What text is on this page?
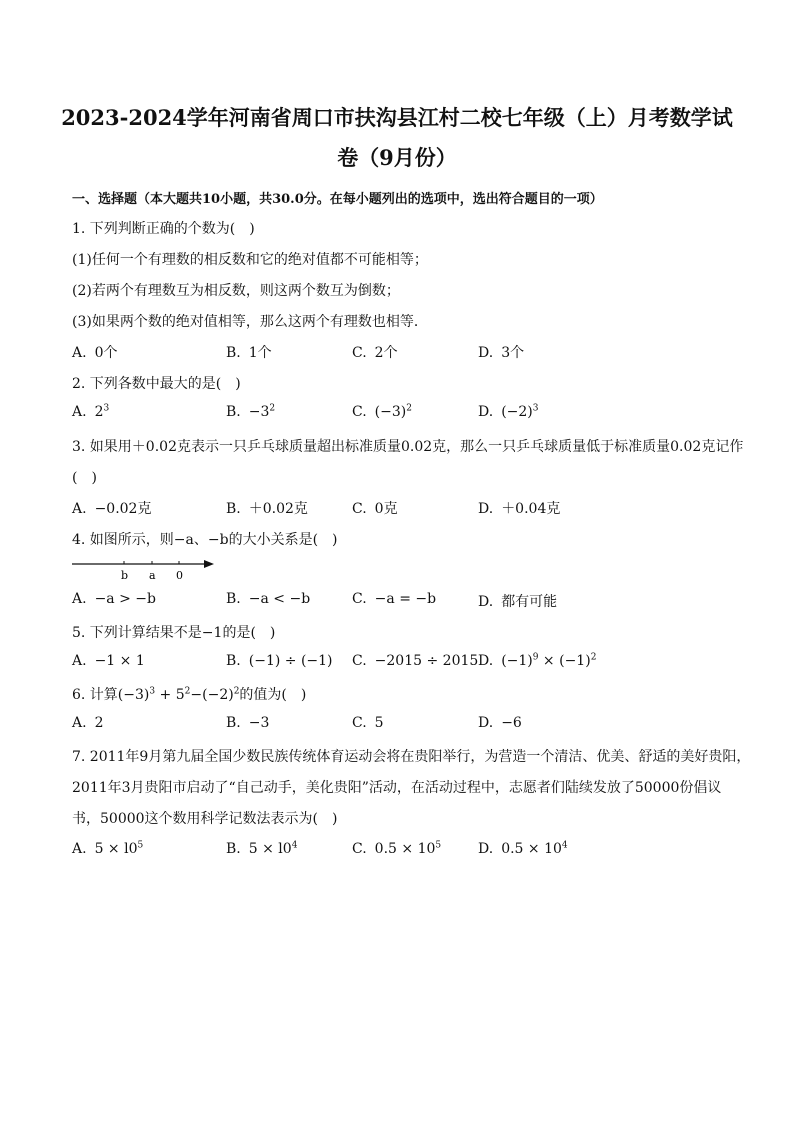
2023-2024学年河南省周口市扶沟县江村二校七年级（上）月考数学试
卷（9月份）
一、选择题（本大题共10小题，共30.0分。在每小题列出的选项中，选出符合题目的一项）
1. 下列判断正确的个数为(　)
(1)任何一个有理数的相反数和它的绝对值都不可能相等；
(2)若两个有理数互为相反数，则这两个数互为倒数；
(3)如果两个数的绝对值相等，那么这两个有理数也相等．
A. 0个	B. 1个	C. 2个	D. 3个
2. 下列各数中最大的是(　)
A. $2^3$	B. $-3^2$	C. $(-3)^2$	D. $(-2)^3$
3. 如果用＋0.02克表示一只乒乓球质量超出标准质量0.02克，那么一只乒乓球质量低于标准质量0.02克记作
(　)
A. −0.02克	B. ＋0.02克	C. 0克	D. ＋0.04克
4. 如图所示，则−a、−b的大小关系是(　)
b a 0
A. −a > −b	B. −a < −b	C. −a = −b	D. 都有可能
5. 下列计算结果不是−1的是(　)
A. −1 × 1	B. (−1) ÷ (−1) C. −2015 ÷ 2015 D. $(-1)^9 \times (-1)^2$
6. 计算$(-3)^3 + 5^2-(-2)^2$的值为(　)
A. 2	B. −3	C. 5	D. −6
7. 2011年9月第九届全国少数民族传统体育运动会将在贵阳举行，为营造一个清洁、优美、舒适的美好贵阳，
2011年3月贵阳市启动了“自己动手，美化贵阳”活动，在活动过程中，志愿者们陆续发放了50000份倡议
书，50000这个数用科学记数法表示为(　)
A. $5 \times l0^5$	B. $5 \times l0^4$	C. $0.5 \times 10^5$	D. $0.5 \times 10^4$
